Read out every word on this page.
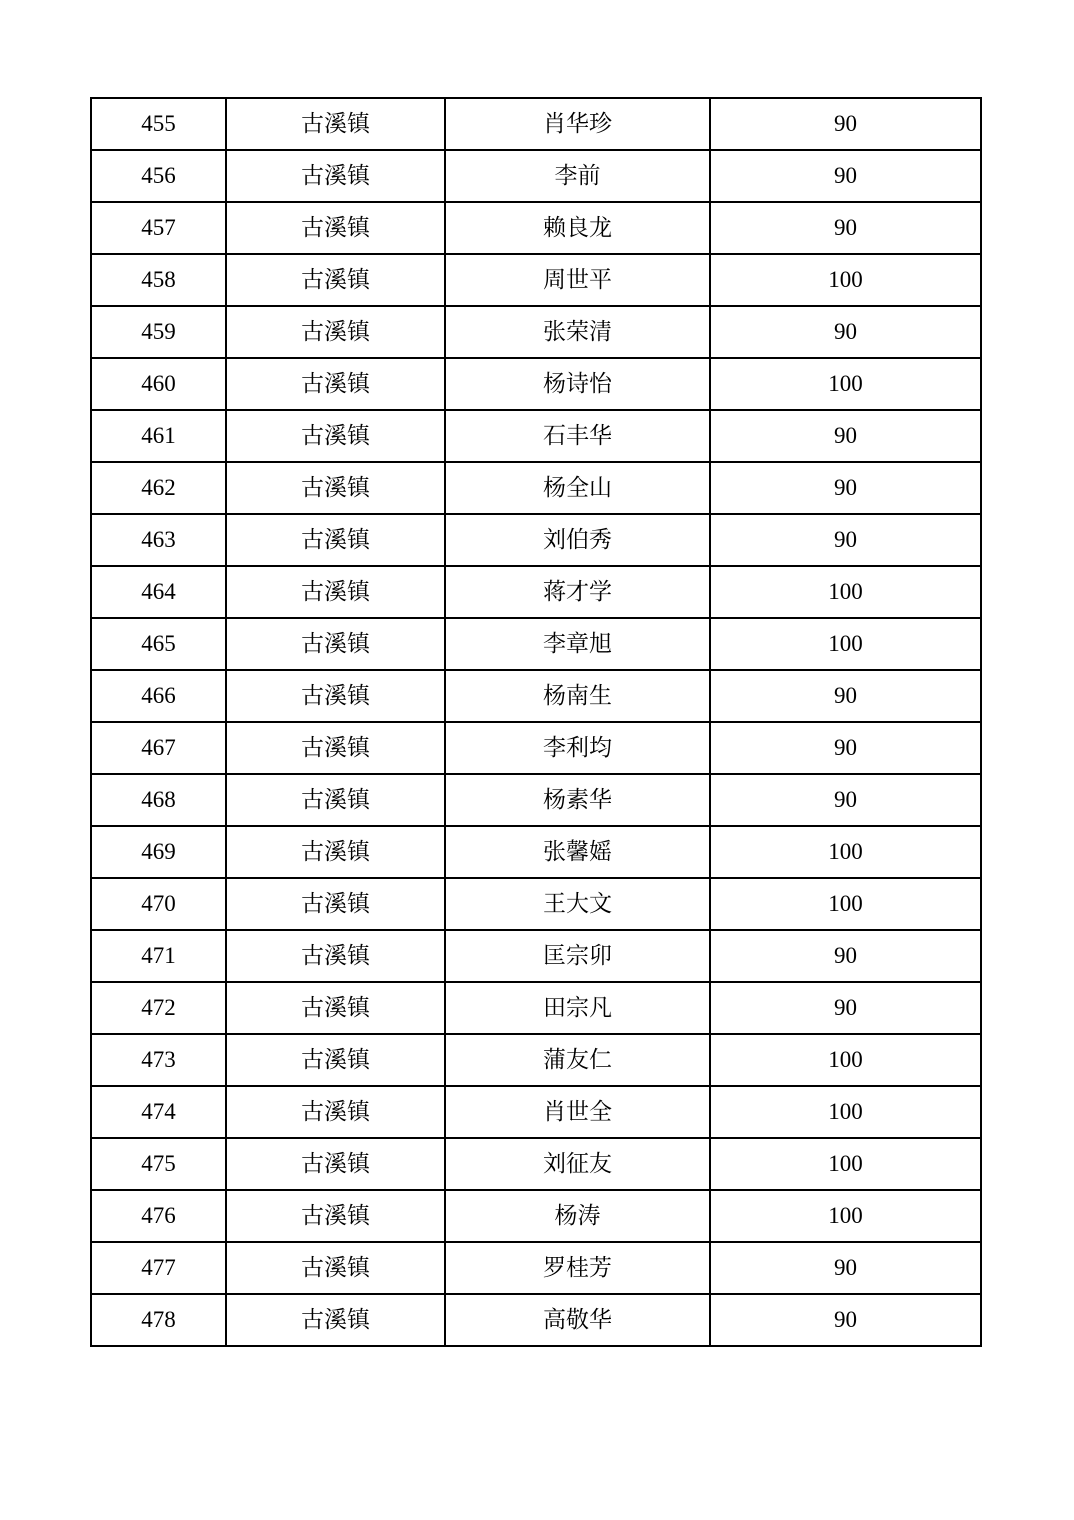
455	古溪镇	肖华珍	90
456	古溪镇	李前	90
457	古溪镇	赖良龙	90
458	古溪镇	周世平	100
459	古溪镇	张荣清	90
460	古溪镇	杨诗怡	100
461	古溪镇	石丰华	90
462	古溪镇	杨全山	90
463	古溪镇	刘伯秀	90
464	古溪镇	蒋才学	100
465	古溪镇	李章旭	100
466	古溪镇	杨南生	90
467	古溪镇	李利均	90
468	古溪镇	杨素华	90
469	古溪镇	张馨媱	100
470	古溪镇	王大文	100
471	古溪镇	匡宗卯	90
472	古溪镇	田宗凡	90
473	古溪镇	蒲友仁	100
474	古溪镇	肖世全	100
475	古溪镇	刘征友	100
476	古溪镇	杨涛	100
477	古溪镇	罗桂芳	90
478	古溪镇	高敬华	90
